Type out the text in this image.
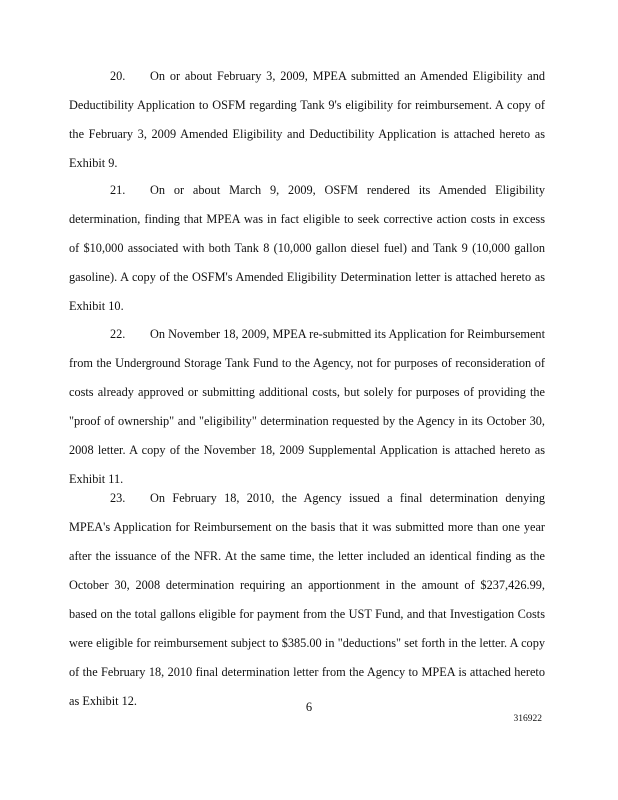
20. On or about February 3, 2009, MPEA submitted an Amended Eligibility and Deductibility Application to OSFM regarding Tank 9's eligibility for reimbursement. A copy of the February 3, 2009 Amended Eligibility and Deductibility Application is attached hereto as Exhibit 9.

21. On or about March 9, 2009, OSFM rendered its Amended Eligibility determination, finding that MPEA was in fact eligible to seek corrective action costs in excess of $10,000 associated with both Tank 8 (10,000 gallon diesel fuel) and Tank 9 (10,000 gallon gasoline). A copy of the OSFM's Amended Eligibility Determination letter is attached hereto as Exhibit 10.

22. On November 18, 2009, MPEA re-submitted its Application for Reimbursement from the Underground Storage Tank Fund to the Agency, not for purposes of reconsideration of costs already approved or submitting additional costs, but solely for purposes of providing the "proof of ownership" and "eligibility" determination requested by the Agency in its October 30, 2008 letter. A copy of the November 18, 2009 Supplemental Application is attached hereto as Exhibit 11.

23. On February 18, 2010, the Agency issued a final determination denying MPEA's Application for Reimbursement on the basis that it was submitted more than one year after the issuance of the NFR. At the same time, the letter included an identical finding as the October 30, 2008 determination requiring an apportionment in the amount of $237,426.99, based on the total gallons eligible for payment from the UST Fund, and that Investigation Costs were eligible for reimbursement subject to $385.00 in "deductions" set forth in the letter. A copy of the February 18, 2010 final determination letter from the Agency to MPEA is attached hereto as Exhibit 12.	6
316922
